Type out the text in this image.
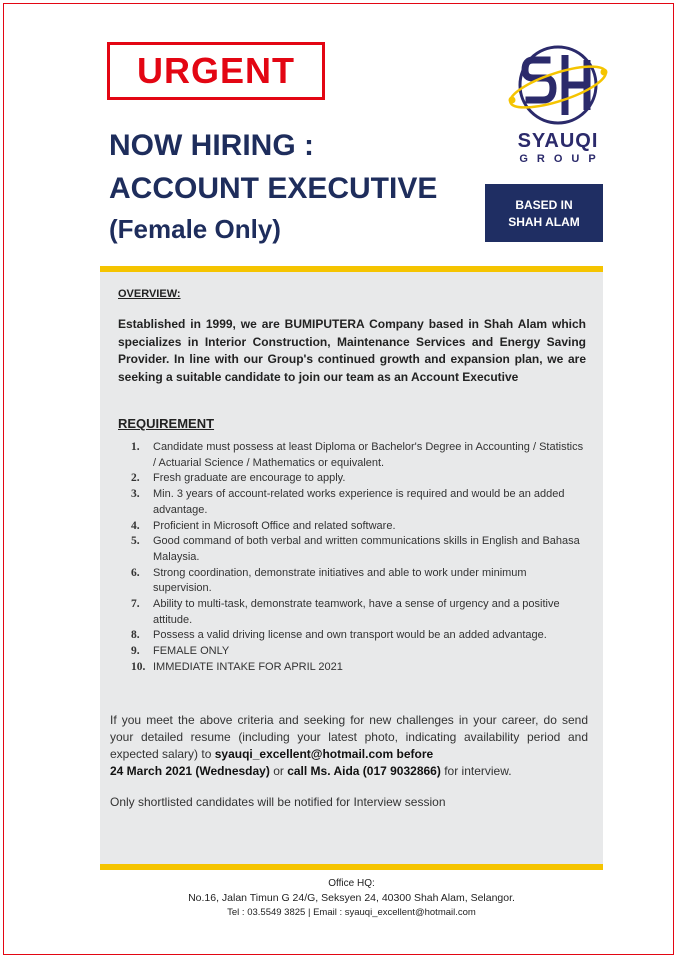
URGENT
NOW HIRING :
ACCOUNT EXECUTIVE
(Female Only)
SYAUQI
GROUP
BASED IN
SHAH ALAM
OVERVIEW:
Established in 1999, we are BUMIPUTERA Company based in Shah Alam which specializes in Interior Construction, Maintenance Services and Energy Saving Provider. In line with our Group's continued growth and expansion plan, we are seeking a suitable candidate to join our team as an Account Executive
REQUIREMENT
1. Candidate must possess at least Diploma or Bachelor's Degree in Accounting / Statistics / Actuarial Science / Mathematics or equivalent.
2. Fresh graduate are encourage to apply.
3. Min. 3 years of account-related works experience is required and would be an added advantage.
4. Proficient in Microsoft Office and related software.
5. Good command of both verbal and written communications skills in English and Bahasa Malaysia.
6. Strong coordination, demonstrate initiatives and able to work under minimum supervision.
7. Ability to multi-task, demonstrate teamwork, have a sense of urgency and a positive attitude.
8. Possess a valid driving license and own transport would be an added advantage.
9. FEMALE ONLY
10. IMMEDIATE INTAKE FOR APRIL 2021
If you meet the above criteria and seeking for new challenges in your career, do send your detailed resume (including your latest photo, indicating availability period and expected salary) to syauqi_excellent@hotmail.com before
24 March 2021 (Wednesday) or call Ms. Aida (017 9032866) for interview.
Only shortlisted candidates will be notified for Interview session
Office HQ:
No.16, Jalan Timun G 24/G, Seksyen 24, 40300 Shah Alam, Selangor.
Tel : 03.5549 3825 | Email : syauqi_excellent@hotmail.com
